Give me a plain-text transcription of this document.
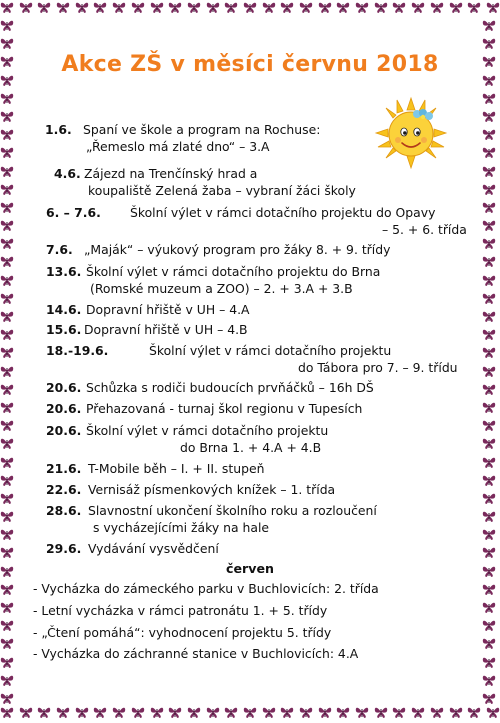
Akce ZŠ v měsíci červnu 2018
1.6. Spaní ve škole a program na Rochuse:
„Řemeslo má zlaté dno“ – 3.A
4.6. Zájezd na Trenčínský hrad a
koupaliště Zelená žaba – vybraní žáci školy
6. – 7.6. Školní výlet v rámci dotačního projektu do Opavy
– 5. + 6. třída
7.6. „Maják“ – výukový program pro žáky 8. + 9. třídy
13.6. Školní výlet v rámci dotačního projektu do Brna
(Romské muzeum a ZOO) – 2. + 3.A + 3.B
14.6. Dopravní hřiště v UH – 4.A
15.6. Dopravní hřiště v UH – 4.B
18.-19.6.	Školní výlet v rámci dotačního projektu
do Tábora pro 7. – 9. třídu
20.6. Schůzka s rodiči budoucích prvňáčků – 16h DŠ
20.6. Přehazovaná - turnaj škol regionu v Tupesích
20.6. Školní výlet v rámci dotačního projektu
do Brna 1. + 4.A + 4.B
21.6. T-Mobile běh – I. + II. stupeň
22.6. Vernisáž písmenkových knížek – 1. třída
28.6. Slavnostní ukončení školního roku a rozloučení
s vycházejícími žáky na hale
29.6. Vydávání vysvědčení
červen
- Vycházka do zámeckého parku v Buchlovicích: 2. třída
- Letní vycházka v rámci patronátu 1. + 5. třídy
- „Čtení pomáhá“: vyhodnocení projektu 5. třídy
- Vycházka do záchranné stanice v Buchlovicích: 4.A
